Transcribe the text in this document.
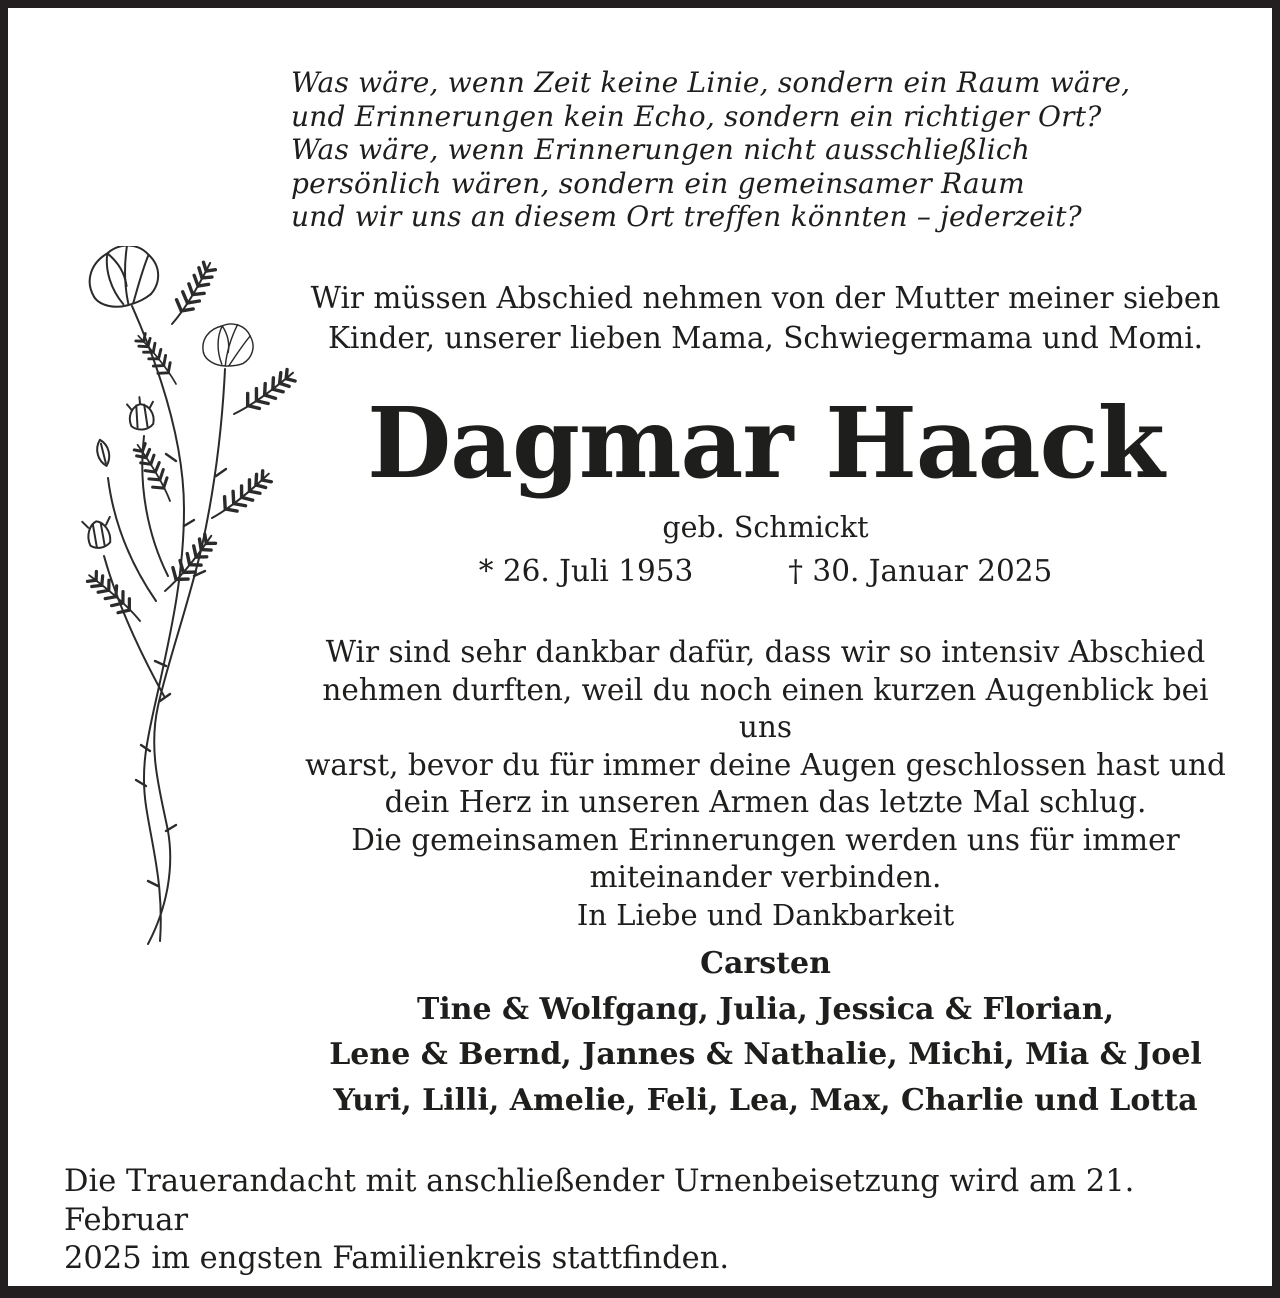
Was wäre, wenn Zeit keine Linie, sondern ein Raum wäre,
und Erinnerungen kein Echo, sondern ein richtiger Ort?
Was wäre, wenn Erinnerungen nicht ausschließlich
persönlich wären, sondern ein gemeinsamer Raum
und wir uns an diesem Ort treffen könnten – jederzeit?
Wir müssen Abschied nehmen von der Mutter meiner sieben
Kinder, unserer lieben Mama, Schwiegermama und Momi.
Dagmar Haack
geb. Schmickt
* 26. Juli 1953	† 30. Januar 2025
Wir sind sehr dankbar dafür, dass wir so intensiv Abschied
nehmen durften, weil du noch einen kurzen Augenblick bei uns
warst, bevor du für immer deine Augen geschlossen hast und
dein Herz in unseren Armen das letzte Mal schlug.
Die gemeinsamen Erinnerungen werden uns für immer
miteinander verbinden.
In Liebe und Dankbarkeit
Carsten
Tine & Wolfgang, Julia, Jessica & Florian,
Lene & Bernd, Jannes & Nathalie, Michi, Mia & Joel
Yuri, Lilli, Amelie, Feli, Lea, Max, Charlie und Lotta
Die Trauerandacht mit anschließender Urnenbeisetzung wird am 21. Februar
2025 im engsten Familienkreis stattfinden.
